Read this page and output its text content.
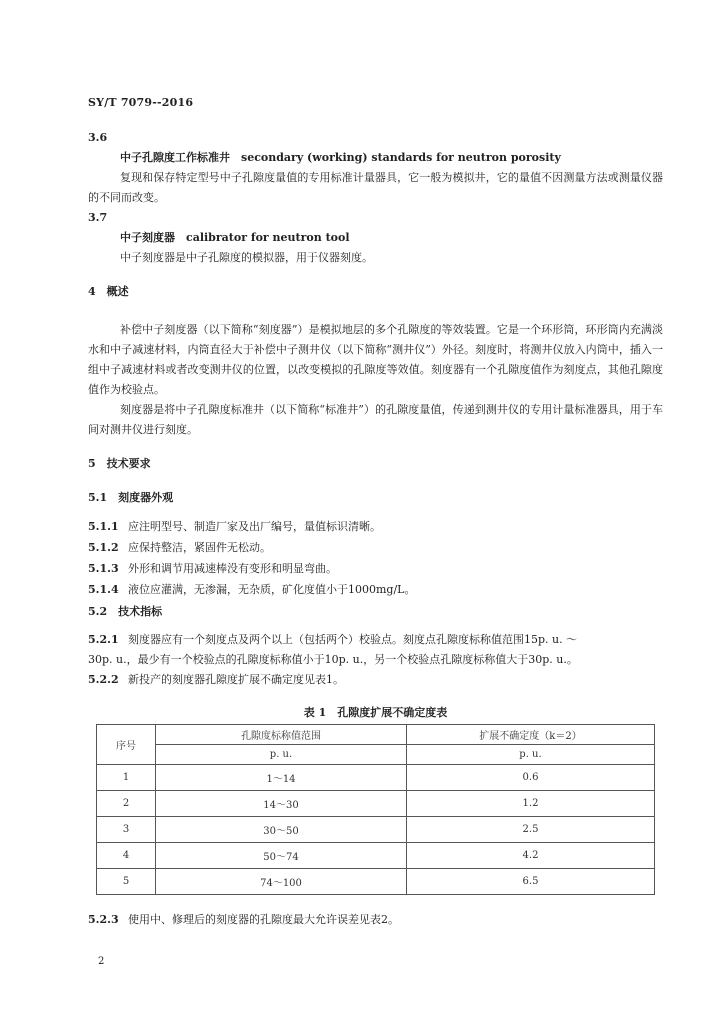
SY/T 7079--2016
3.6
中子孔隙度工作标准井　secondary (working) standards for neutron porosity
复现和保存特定型号中子孔隙度量值的专用标准计量器具，它一般为模拟井，它的量值不因测量方法或测量仪器的不同而改变。
3.7
中子刻度器　calibrator for neutron tool
中子刻度器是中子孔隙度的模拟器，用于仪器刻度。
4　概述
补偿中子刻度器（以下简称“刻度器”）是模拟地层的多个孔隙度的等效装置。它是一个环形筒，环形筒内充满淡水和中子减速材料，内筒直径大于补偿中子测井仪（以下简称“测井仪”）外径。刻度时，将测井仪放入内筒中，插入一组中子减速材料或者改变测井仪的位置，以改变模拟的孔隙度等效值。刻度器有一个孔隙度值作为刻度点，其他孔隙度值作为校验点。
刻度器是将中子孔隙度标准井（以下简称“标准井”）的孔隙度量值，传递到测井仪的专用计量标准器具，用于车间对测井仪进行刻度。
5　技术要求
5.1　刻度器外观
5.1.1 应注明型号、制造厂家及出厂编号，量值标识清晰。
5.1.2 应保持整洁，紧固件无松动。
5.1.3 外形和调节用减速棒没有变形和明显弯曲。
5.1.4 液位应灌满，无渗漏，无杂质，矿化度值小于1000mg/L。
5.2　技术指标
5.2.1 刻度器应有一个刻度点及两个以上（包括两个）校验点。刻度点孔隙度标称值范围15p. u. ～
30p. u.，最少有一个校验点的孔隙度标称值小于10p. u.，另一个校验点孔隙度标称值大于30p. u.。
5.2.2 新投产的刻度器孔隙度扩展不确定度见表1。
表 1　孔隙度扩展不确定度表
序号	孔隙度标称值范围	扩展不确定度（k＝2）
	p. u.	p. u.
1	1～14	0.6
2	14～30	1.2
3	30～50	2.5
4	50～74	4.2
5	74～100	6.5
5.2.3 使用中、修理后的刻度器的孔隙度最大允许误差见表2。
2
